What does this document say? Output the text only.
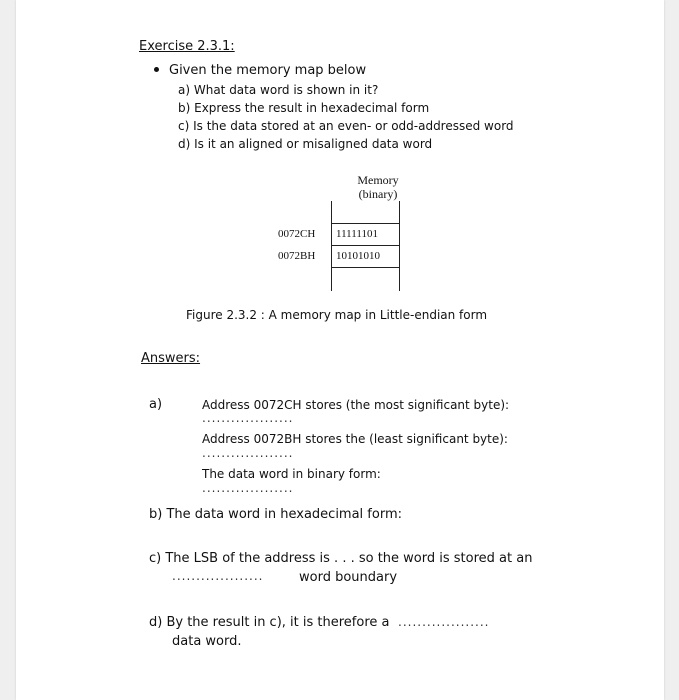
Exercise 2.3.1:
Given the memory map below
a) What data word is shown in it?
b) Express the result in hexadecimal form
c) Is the data stored at an even- or odd-addressed word
d) Is it an aligned or misaligned data word
Memory
(binary)
0072CH 11111101
0072BH 10101010
Figure 2.3.2 : A memory map in Little-endian form
Answers:
a)	Address 0072CH stores (the most significant byte):
...................
Address 0072BH stores the (least significant byte):
...................
The data word in binary form:
...................
b) The data word in hexadecimal form:
c) The LSB of the address is . . . so the word is stored at an
...................	word boundary
d) By the result in c), it is therefore a ...................
data word.
